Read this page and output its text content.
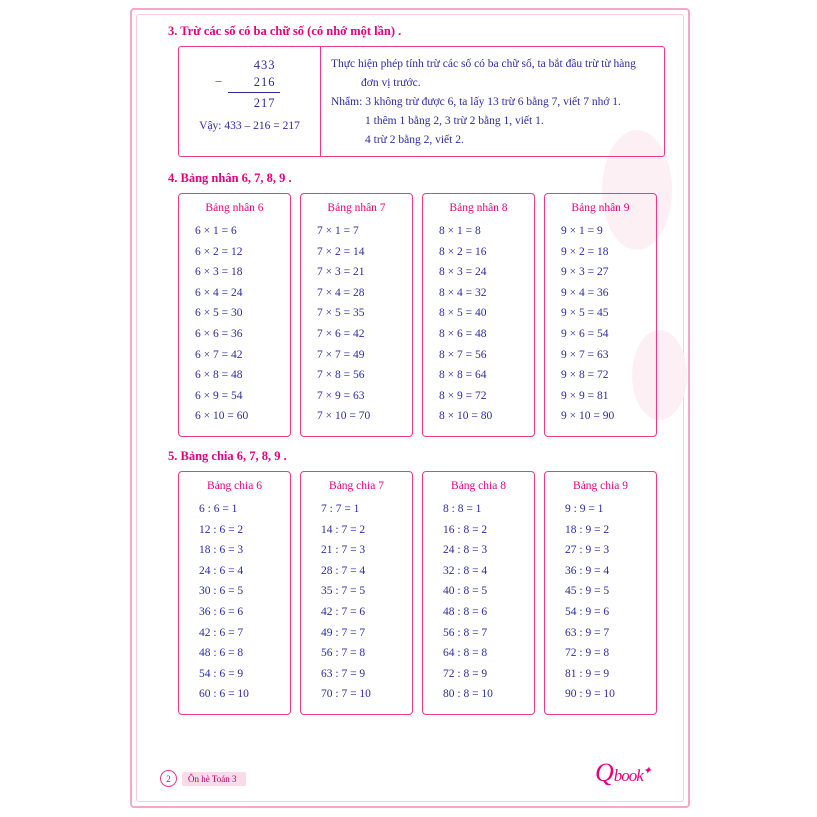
3. Trừ các số có ba chữ số (có nhớ một lần) .
_
433
216
217
Vậy: 433 – 216 = 217
Thực hiện phép tính trừ các số có ba chữ số, ta bắt đầu trừ từ hàng
đơn vị trước.
Nhẩm: 3 không trừ được 6, ta lấy 13 trừ 6 bằng 7, viết 7 nhớ 1.
1 thêm 1 bằng 2, 3 trừ 2 bằng 1, viết 1.
4 trừ 2 bằng 2, viết 2.
4. Bảng nhân 6, 7, 8, 9 .
Bảng nhân 6
6 × 1 = 6
6 × 2 = 12
6 × 3 = 18
6 × 4 = 24
6 × 5 = 30
6 × 6 = 36
6 × 7 = 42
6 × 8 = 48
6 × 9 = 54
6 × 10 = 60
Bảng nhân 7
7 × 1 = 7
7 × 2 = 14
7 × 3 = 21
7 × 4 = 28
7 × 5 = 35
7 × 6 = 42
7 × 7 = 49
7 × 8 = 56
7 × 9 = 63
7 × 10 = 70
Bảng nhân 8
8 × 1 = 8
8 × 2 = 16
8 × 3 = 24
8 × 4 = 32
8 × 5 = 40
8 × 6 = 48
8 × 7 = 56
8 × 8 = 64
8 × 9 = 72
8 × 10 = 80
Bảng nhân 9
9 × 1 = 9
9 × 2 = 18
9 × 3 = 27
9 × 4 = 36
9 × 5 = 45
9 × 6 = 54
9 × 7 = 63
9 × 8 = 72
9 × 9 = 81
9 × 10 = 90
5. Bảng chia 6, 7, 8, 9 .
Bảng chia 6
6 : 6 = 1
12 : 6 = 2
18 : 6 = 3
24 : 6 = 4
30 : 6 = 5
36 : 6 = 6
42 : 6 = 7
48 : 6 = 8
54 : 6 = 9
60 : 6 = 10
Bảng chia 7
7 : 7 = 1
14 : 7 = 2
21 : 7 = 3
28 : 7 = 4
35 : 7 = 5
42 : 7 = 6
49 : 7 = 7
56 : 7 = 8
63 : 7 = 9
70 : 7 = 10
Bảng chia 8
8 : 8 = 1
16 : 8 = 2
24 : 8 = 3
32 : 8 = 4
40 : 8 = 5
48 : 8 = 6
56 : 8 = 7
64 : 8 = 8
72 : 8 = 9
80 : 8 = 10
Bảng chia 9
9 : 9 = 1
18 : 9 = 2
27 : 9 = 3
36 : 9 = 4
45 : 9 = 5
54 : 9 = 6
63 : 9 = 7
72 : 9 = 8
81 : 9 = 9
90 : 9 = 10
2	Ôn hè Toán 3	Qbook✦
